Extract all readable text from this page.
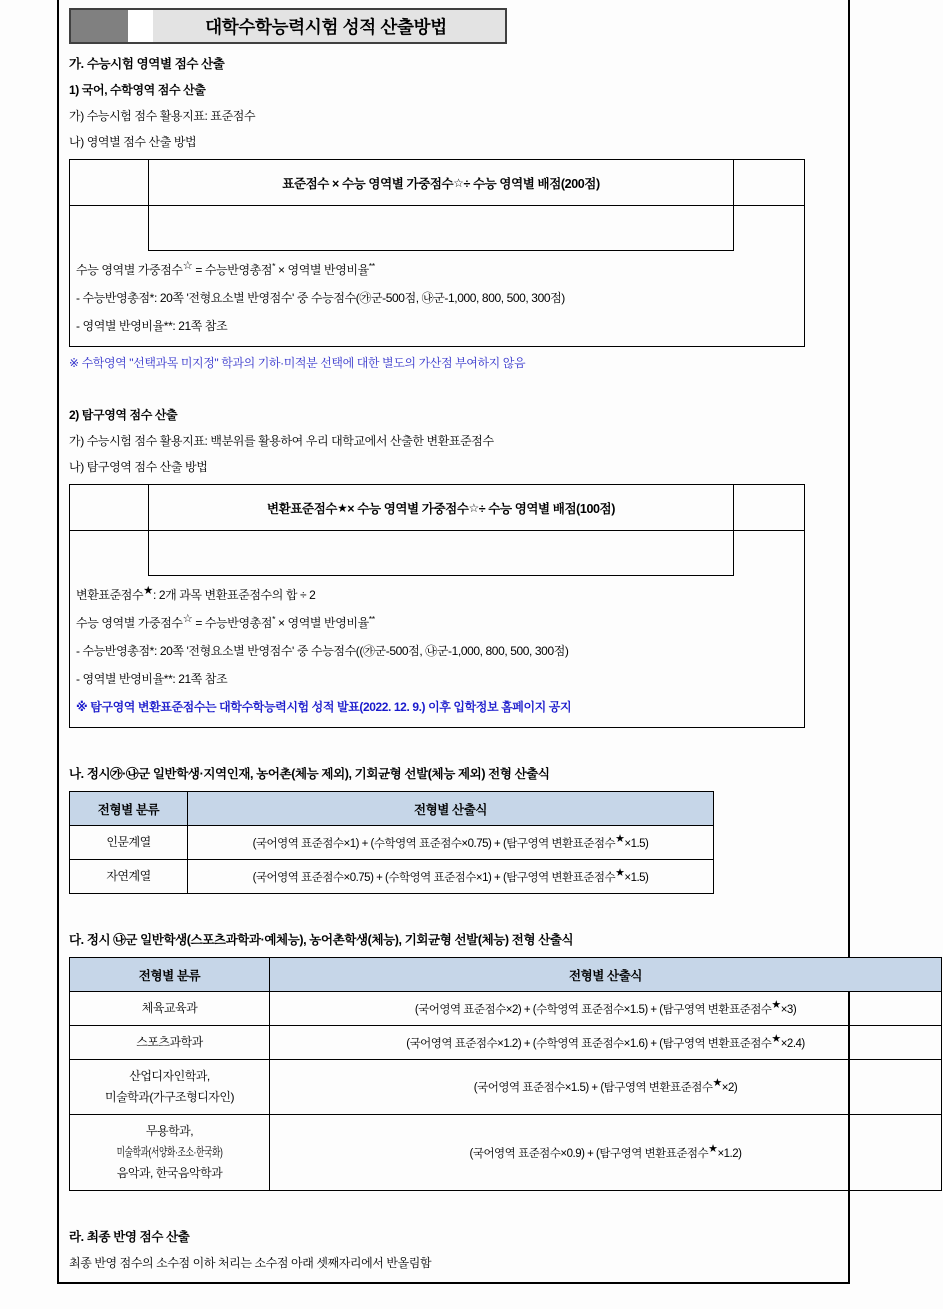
대학수학능력시험 성적 산출방법
가. 수능시험 영역별 점수 산출
1) 국어, 수학영역 점수 산출
가) 수능시험 점수 활용지표: 표준점수
나) 영역별 점수 산출 방법
표준점수 × 수능 영역별 가중점수 ☆ ÷ 수능 영역별 배점(200점)
수능 영역별 가중점수☆ = 수능반영총점* × 영역별 반영비율**
- 수능반영총점*: 20쪽 '전형요소별 반영점수' 중 수능점수(㉮군-500점, ㉯군-1,000, 800, 500, 300점)
- 영역별 반영비율**: 21쪽 참조
※ 수학영역 "선택과목 미지정" 학과의 기하·미적분 선택에 대한 별도의 가산점 부여하지 않음
2) 탐구영역 점수 산출
가) 수능시험 점수 활용지표: 백분위를 활용하여 우리 대학교에서 산출한 변환표준점수
나) 탐구영역 점수 산출 방법
변환표준점수 ★ × 수능 영역별 가중점수 ☆ ÷ 수능 영역별 배점(100점)
변환표준점수★: 2개 과목 변환표준점수의 합 ÷ 2
수능 영역별 가중점수☆ = 수능반영총점* × 영역별 반영비율**
- 수능반영총점*: 20쪽 '전형요소별 반영점수' 중 수능점수((㉮군-500점, ㉯군-1,000, 800, 500, 300점)
- 영역별 반영비율**: 21쪽 참조
※ 탐구영역 변환표준점수는 대학수학능력시험 성적 발표(2022. 12. 9.) 이후 입학정보 홈페이지 공지
나. 정시㉮·㉯군 일반학생·지역인재, 농어촌(체능 제외), 기회균형 선발(체능 제외) 전형 산출식
전형별 분류	전형별 산출식
인문계열	(국어영역 표준점수×1) + (수학영역 표준점수×0.75) + (탐구영역 변환표준점수★×1.5)
자연계열	(국어영역 표준점수×0.75) + (수학영역 표준점수×1) + (탐구영역 변환표준점수★×1.5)
다. 정시 ㉯군 일반학생(스포츠과학과·예체능), 농어촌학생(체능), 기회균형 선발(체능) 전형 산출식
전형별 분류	전형별 산출식

체육교육과	(국어영역 표준점수×2) + (수학영역 표준점수×1.5) + (탐구영역 변환표준점수★×3)

스포츠과학과	(국어영역 표준점수×1.2) + (수학영역 표준점수×1.6) + (탐구영역 변환표준점수★×2.4)

산업디자인학과,
미술학과(가구조형디자인)	(국어영역 표준점수×1.5) + (탐구영역 변환표준점수★×2)

무용학과,
미술학과(서양화·조소·한국화)
음악과, 한국음악학과	(국어영역 표준점수×0.9) + (탐구영역 변환표준점수★×1.2)
라. 최종 반영 점수 산출
최종 반영 점수의 소수점 이하 처리는 소수점 아래 셋째자리에서 반올림함
